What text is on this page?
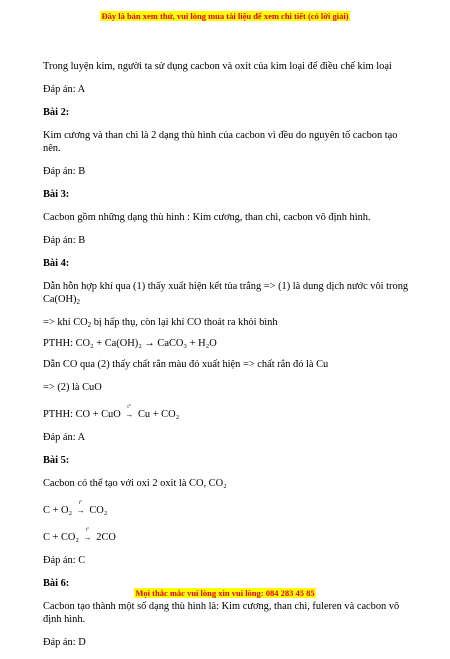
Đây là bản xem thử, vui lòng mua tài liệu để xem chi tiết (có lời giải)

Trong luyện kim, người ta sử dụng cacbon và oxit của kim loại để điều chế kim loại

Đáp án: A

Bài 2:

Kim cương và than chì là 2 dạng thù hình của cacbon vì đều do nguyên tố cacbon tạo nên.

Đáp án: B

Bài 3:

Cacbon gồm những dạng thù hình : Kim cương, than chì, cacbon vô định hình.

Đáp án: B

Bài 4:

Dẫn hỗn hợp khí qua (1) thấy xuất hiện kết tủa trắng => (1) là dung dịch nước vôi trong $Ca(OH)_2$

=> khí $CO_2$ bị hấp thụ, còn lại khí CO thoát ra khỏi bình

PTHH: CO₂ + Ca(OH)₂ → CaCO₃ + H₂O

Dẫn CO qua (2) thấy chất rắn màu đỏ xuất hiện => chất rắn đó là Cu

=> (2) là CuO

PTHH: CO + CuO
t°
→ Cu + CO₂

Đáp án: A

Bài 5:

Cacbon có thể tạo với oxi 2 oxit là CO, CO₂

C + O₂
t°
→ CO₂

C + CO₂
t°
→ 2CO

Đáp án: C

Bài 6:

Cacbon tạo thành một số dạng thù hình là: Kim cương, than chì, fuleren và cacbon vô định hình.

Đáp án: D

Mọi thắc mắc vui lòng xin vui lòng: 084 283 45 85
